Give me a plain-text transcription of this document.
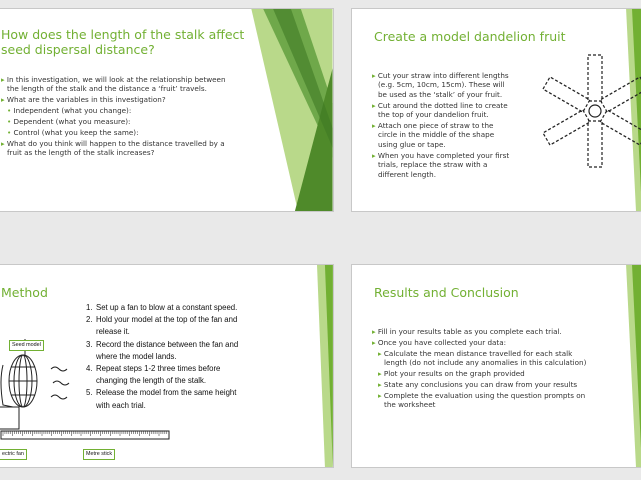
How does the length of the stalk affect
seed dispersal distance?

▸ In this investigation, we will look at the relationship between
the length of the stalk and the distance a ‘fruit’ travels.

▸ What are the variables in this investigation?

• Independent (what you change):

• Dependent (what you measure):

• Control (what you keep the same):

▸ What do you think will happen to the distance travelled by a
fruit as the length of the stalk increases?

Create a model dandelion fruit

▸ Cut your straw into different lengths
(e.g. 5cm, 10cm, 15cm). These will
be used as the ‘stalk’ of your fruit.

▸ Cut around the dotted line to create
the top of your dandelion fruit.

▸ Attach one piece of straw to the
circle in the middle of the shape
using glue or tape.

▸ When you have completed your first
trials, replace the straw with a
different length.

Method
1. Set up a fan to blow at a constant speed.
2. Hold your model at the top of the fan and
release it.
3. Record the distance between the fan and
where the model lands.
4. Repeat steps 1-2 three times before
changing the length of the stalk.
5. Release the model from the same height
with each trial.
Seed model
ectric fan	Metre stick
Results and Conclusion

▸ Fill in your results table as you complete each trial.

▸ Once you have collected your data:

▸ Calculate the mean distance travelled for each stalk
length (do not include any anomalies in this calculation)

▸ Plot your results on the graph provided

▸ State any conclusions you can draw from your results

▸ Complete the evaluation using the question prompts on
the worksheet
